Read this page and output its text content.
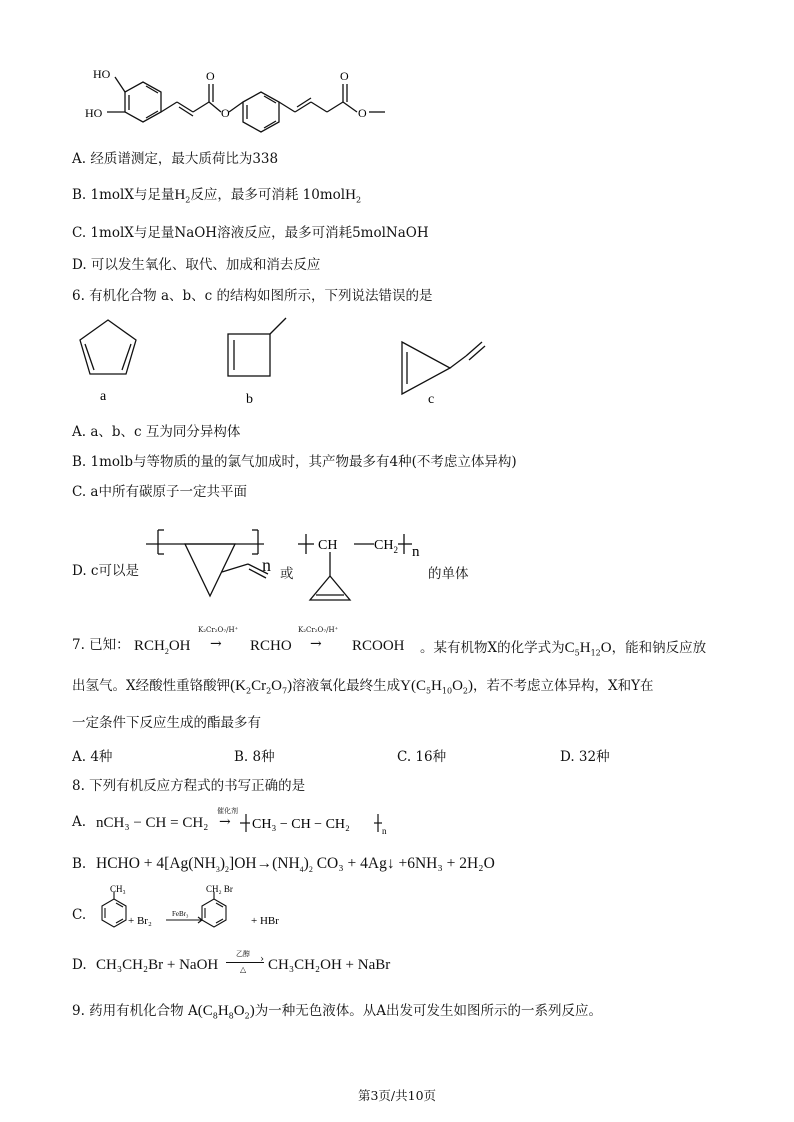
HO
HO
O
O
O
O
A. 经质谱测定，最大质荷比为338
B. 1molX与足量$H_2$反应，最多可消耗 10molH$_2$
C. 1molX与足量NaOH溶液反应，最多可消耗5molNaOH
D. 可以发生氧化、取代、加成和消去反应
6. 有机化合物 a、b、c 的结构如图所示，下列说法错误的是
a	b	c
A. a、b、c 互为同分异构体
B. 1molb与等物质的量的氯气加成时，其产物最多有4种(不考虑立体异构)
C. a中所有碳原子一定共平面
D. c可以是	n 或
CH	$CH_2$ n
的单体
7. 已知： $RCH_2OH$
K₂Cr₂O₇/H⁺
→ RCHO
K₂Cr₂O₇/H⁺
→ RCOOH 。某有机物X的化学式为$C_5H_{12}O$，能和钠反应放
出氢气。X经酸性重铬酸钾$(K_2Cr_2O_7)$溶液氧化最终生成$Y(C_5H_{10}O_2)$，若不考虑立体异构，X和Y在
一定条件下反应生成的酯最多有
A. 4种	B. 8种	C. 16种	D. 32种
8. 下列有机反应方程式的书写正确的是
A. nCH₃ − CH = CH₂
催化剂
→ CH₃ − CH − CH₂	n
B. HCHO + $4[Ag(NH_3)_2]OH\to(NH_4)_2$ CO₃ + 4Ag↓ +6NH₃ + 2H₂O
C.
CH₃
+ Br₂
FeBr₃
CH₂ Br
+ HBr
D. CH₃CH₂Br + NaOH
乙醇 ›
△ CH₃CH₂OH + NaBr
9. 药用有机化合物 $A(C_8H_8O_2)$为一种无色液体。从A出发可发生如图所示的一系列反应。
第3页/共10页
